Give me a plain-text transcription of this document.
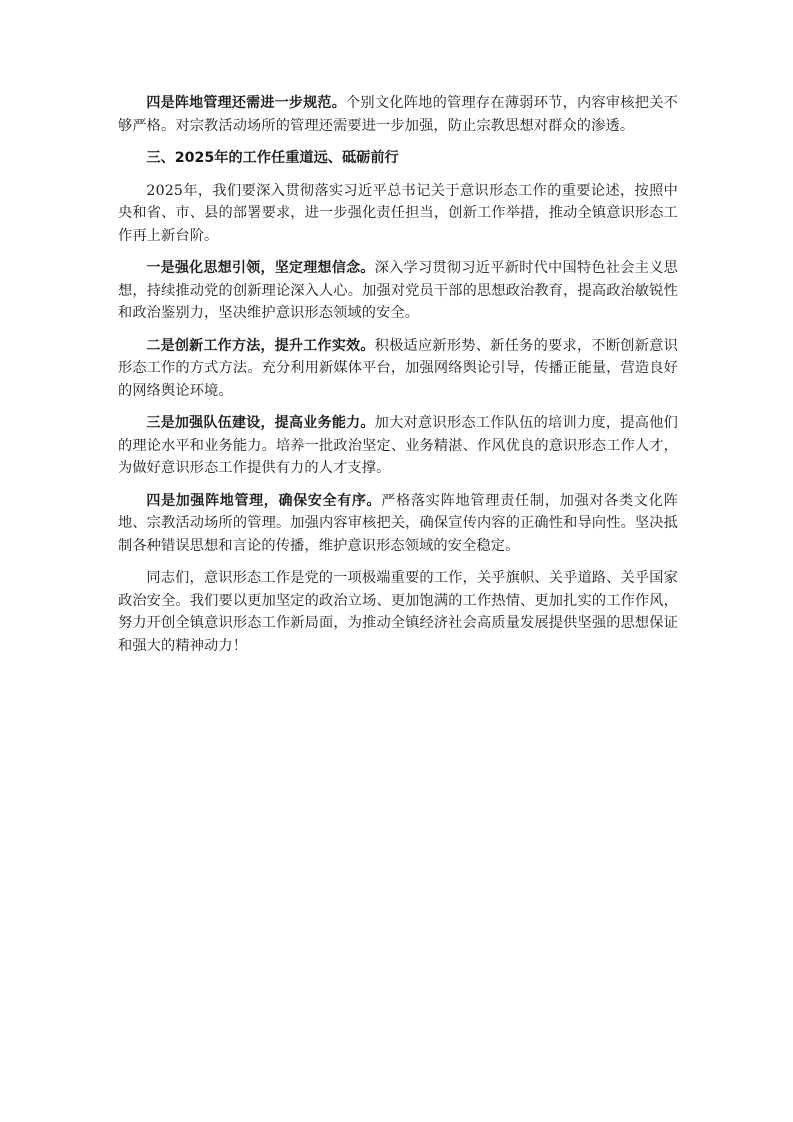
四是阵地管理还需进一步规范。个别文化阵地的管理存在薄弱环节，内容审核把关不够严格。对宗教活动场所的管理还需要进一步加强，防止宗教思想对群众的渗透。

三、2025年的工作任重道远、砥砺前行

2025年，我们要深入贯彻落实习近平总书记关于意识形态工作的重要论述，按照中央和省、市、县的部署要求，进一步强化责任担当，创新工作举措，推动全镇意识形态工作再上新台阶。

一是强化思想引领，坚定理想信念。深入学习贯彻习近平新时代中国特色社会主义思想，持续推动党的创新理论深入人心。加强对党员干部的思想政治教育，提高政治敏锐性和政治鉴别力，坚决维护意识形态领域的安全。

二是创新工作方法，提升工作实效。积极适应新形势、新任务的要求，不断创新意识形态工作的方式方法。充分利用新媒体平台，加强网络舆论引导，传播正能量，营造良好的网络舆论环境。

三是加强队伍建设，提高业务能力。加大对意识形态工作队伍的培训力度，提高他们的理论水平和业务能力。培养一批政治坚定、业务精湛、作风优良的意识形态工作人才，为做好意识形态工作提供有力的人才支撑。

四是加强阵地管理，确保安全有序。严格落实阵地管理责任制，加强对各类文化阵地、宗教活动场所的管理。加强内容审核把关，确保宣传内容的正确性和导向性。坚决抵制各种错误思想和言论的传播，维护意识形态领域的安全稳定。

同志们，意识形态工作是党的一项极端重要的工作，关乎旗帜、关乎道路、关乎国家政治安全。我们要以更加坚定的政治立场、更加饱满的工作热情、更加扎实的工作作风，努力开创全镇意识形态工作新局面，为推动全镇经济社会高质量发展提供坚强的思想保证和强大的精神动力！
